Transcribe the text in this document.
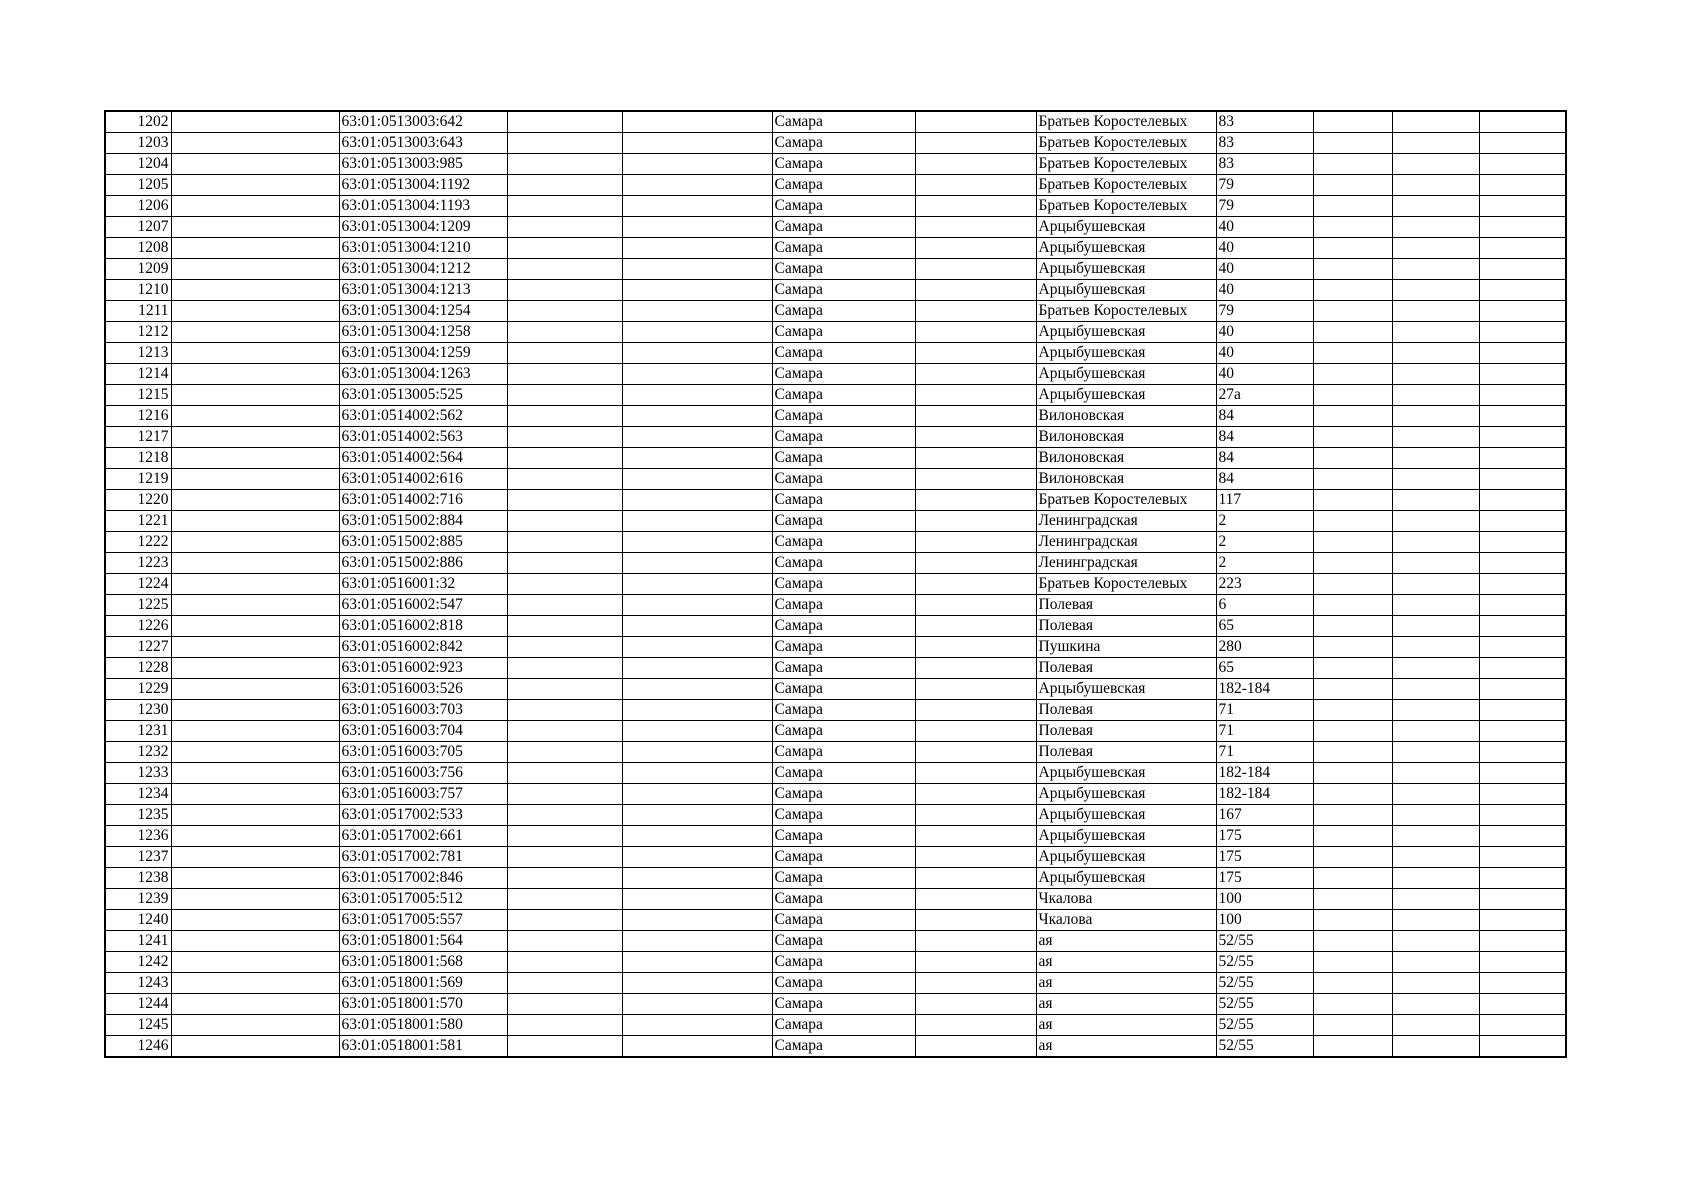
1202		63:01:0513003:642			Самара		Братьев Коростелевых	83			
1203		63:01:0513003:643			Самара		Братьев Коростелевых	83			
1204		63:01:0513003:985			Самара		Братьев Коростелевых	83			
1205		63:01:0513004:1192			Самара		Братьев Коростелевых	79			
1206		63:01:0513004:1193			Самара		Братьев Коростелевых	79			
1207		63:01:0513004:1209			Самара		Арцыбушевская	40			
1208		63:01:0513004:1210			Самара		Арцыбушевская	40			
1209		63:01:0513004:1212			Самара		Арцыбушевская	40			
1210		63:01:0513004:1213			Самара		Арцыбушевская	40			
1211		63:01:0513004:1254			Самара		Братьев Коростелевых	79			
1212		63:01:0513004:1258			Самара		Арцыбушевская	40			
1213		63:01:0513004:1259			Самара		Арцыбушевская	40			
1214		63:01:0513004:1263			Самара		Арцыбушевская	40			
1215		63:01:0513005:525			Самара		Арцыбушевская	27а			
1216		63:01:0514002:562			Самара		Вилоновская	84			
1217		63:01:0514002:563			Самара		Вилоновская	84			
1218		63:01:0514002:564			Самара		Вилоновская	84			
1219		63:01:0514002:616			Самара		Вилоновская	84			
1220		63:01:0514002:716			Самара		Братьев Коростелевых	117			
1221		63:01:0515002:884			Самара		Ленинградская	2			
1222		63:01:0515002:885			Самара		Ленинградская	2			
1223		63:01:0515002:886			Самара		Ленинградская	2			
1224		63:01:0516001:32			Самара		Братьев Коростелевых	223			
1225		63:01:0516002:547			Самара		Полевая	6			
1226		63:01:0516002:818			Самара		Полевая	65			
1227		63:01:0516002:842			Самара		Пушкина	280			
1228		63:01:0516002:923			Самара		Полевая	65			
1229		63:01:0516003:526			Самара		Арцыбушевская	182-184			
1230		63:01:0516003:703			Самара		Полевая	71			
1231		63:01:0516003:704			Самара		Полевая	71			
1232		63:01:0516003:705			Самара		Полевая	71			
1233		63:01:0516003:756			Самара		Арцыбушевская	182-184			
1234		63:01:0516003:757			Самара		Арцыбушевская	182-184			
1235		63:01:0517002:533			Самара		Арцыбушевская	167			
1236		63:01:0517002:661			Самара		Арцыбушевская	175			
1237		63:01:0517002:781			Самара		Арцыбушевская	175			
1238		63:01:0517002:846			Самара		Арцыбушевская	175			
1239		63:01:0517005:512			Самара		Чкалова	100			
1240		63:01:0517005:557			Самара		Чкалова	100			
1241		63:01:0518001:564			Самара		ая	52/55			
1242		63:01:0518001:568			Самара		ая	52/55			
1243		63:01:0518001:569			Самара		ая	52/55			
1244		63:01:0518001:570			Самара		ая	52/55			
1245		63:01:0518001:580			Самара		ая	52/55			
1246		63:01:0518001:581			Самара		ая	52/55			
